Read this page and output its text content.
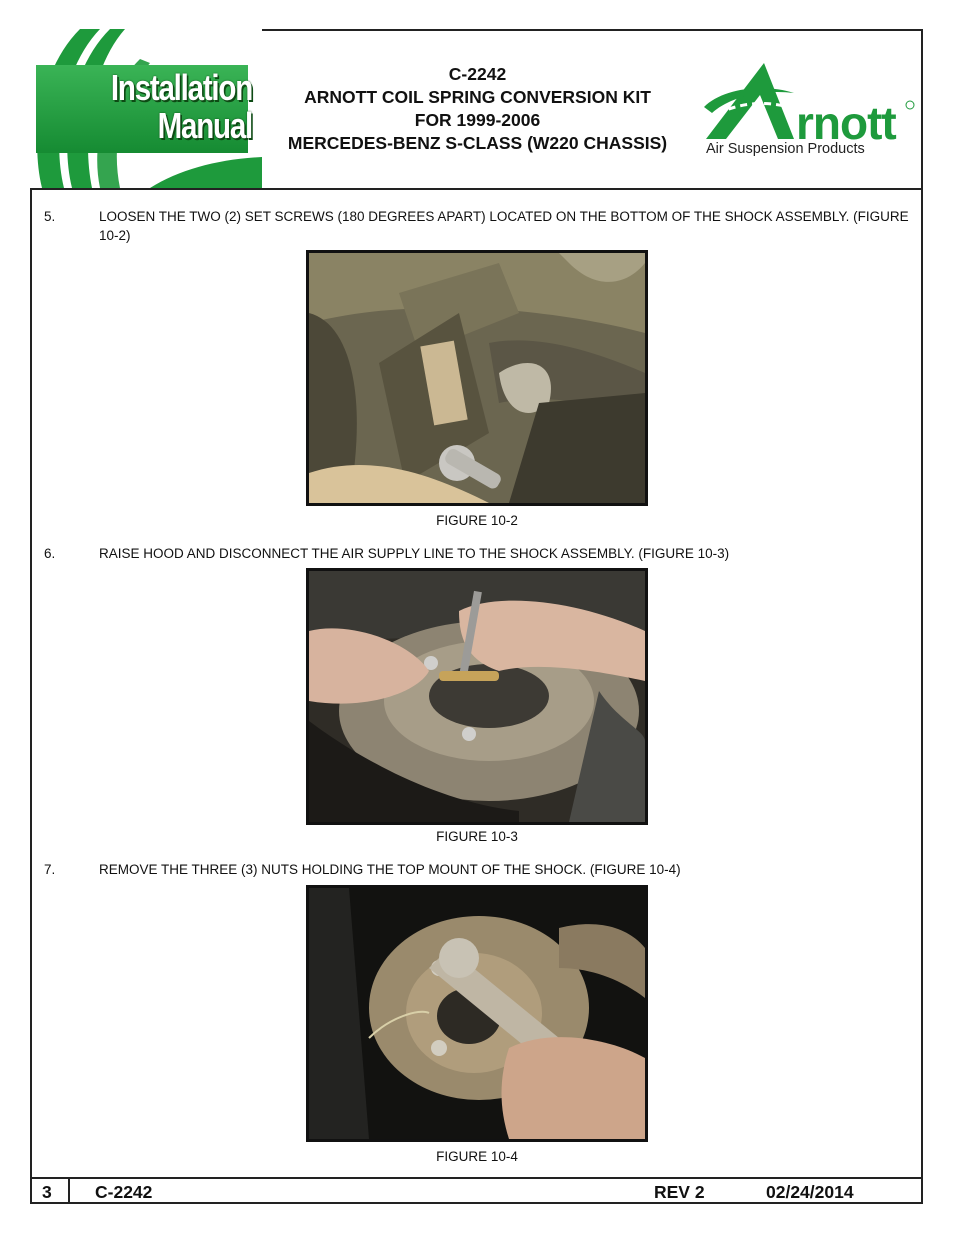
Installation
Manual
C-2242
ARNOTT COIL SPRING CONVERSION KIT
FOR 1999-2006
MERCEDES-BENZ S-CLASS (W220 CHASSIS)	rnott
Air Suspension Products
5.	LOOSEN THE TWO (2) SET SCREWS (180 DEGREES APART) LOCATED ON THE BOTTOM OF THE SHOCK ASSEMBLY. (FIGURE 10-2)
FIGURE 10-2
6.	RAISE HOOD AND DISCONNECT THE AIR SUPPLY LINE TO THE SHOCK ASSEMBLY. (FIGURE 10-3)
FIGURE 10-3
7.	REMOVE THE THREE (3) NUTS HOLDING THE TOP MOUNT OF THE SHOCK. (FIGURE 10-4)
FIGURE 10-4
3 C-2242	REV 2	02/24/2014
